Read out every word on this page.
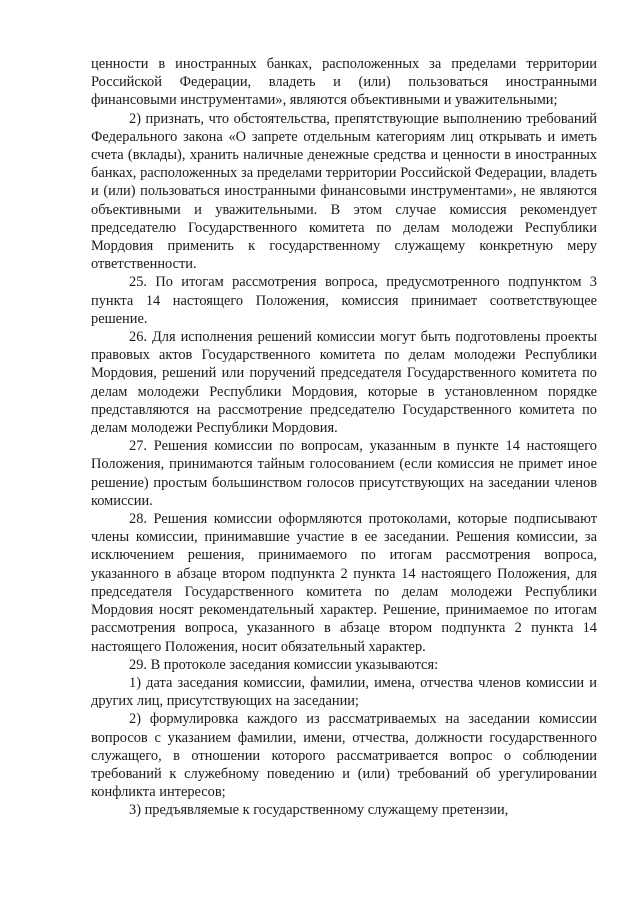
ценности в иностранных банках, расположенных за пределами территории Российской Федерации, владеть и (или) пользоваться иностранными финансовыми инструментами», являются объективными и уважительными;

2) признать, что обстоятельства, препятствующие выполнению требований Федерального закона «О запрете отдельным категориям лиц открывать и иметь счета (вклады), хранить наличные денежные средства и ценности в иностранных банках, расположенных за пределами территории Российской Федерации, владеть и (или) пользоваться иностранными финансовыми инструментами», не являются объективными и уважительными. В этом случае комиссия рекомендует председателю Государственного комитета по делам молодежи Республики Мордовия применить к государственному служащему конкретную меру ответственности.

25. По итогам рассмотрения вопроса, предусмотренного подпунктом 3 пункта 14 настоящего Положения, комиссия принимает соответствующее решение.

26. Для исполнения решений комиссии могут быть подготовлены проекты правовых актов Государственного комитета по делам молодежи Республики Мордовия, решений или поручений председателя Государственного комитета по делам молодежи Республики Мордовия, которые в установленном порядке представляются на рассмотрение председателю Государственного комитета по делам молодежи Республики Мордовия.

27. Решения комиссии по вопросам, указанным в пункте 14 настоящего Положения, принимаются тайным голосованием (если комиссия не примет иное решение) простым большинством голосов присутствующих на заседании членов комиссии.

28. Решения комиссии оформляются протоколами, которые подписывают члены комиссии, принимавшие участие в ее заседании. Решения комиссии, за исключением решения, принимаемого по итогам рассмотрения вопроса, указанного в абзаце втором подпункта 2 пункта 14 настоящего Положения, для председателя Государственного комитета по делам молодежи Республики Мордовия носят рекомендательный характер. Решение, принимаемое по итогам рассмотрения вопроса, указанного в абзаце втором подпункта 2 пункта 14 настоящего Положения, носит обязательный характер.

29. В протоколе заседания комиссии указываются:

1) дата заседания комиссии, фамилии, имена, отчества членов комиссии и других лиц, присутствующих на заседании;

2) формулировка каждого из рассматриваемых на заседании комиссии вопросов с указанием фамилии, имени, отчества, должности государственного служащего, в отношении которого рассматривается вопрос о соблюдении требований к служебному поведению и (или) требований об урегулировании конфликта интересов;

3) предъявляемые к государственному служащему претензии,
